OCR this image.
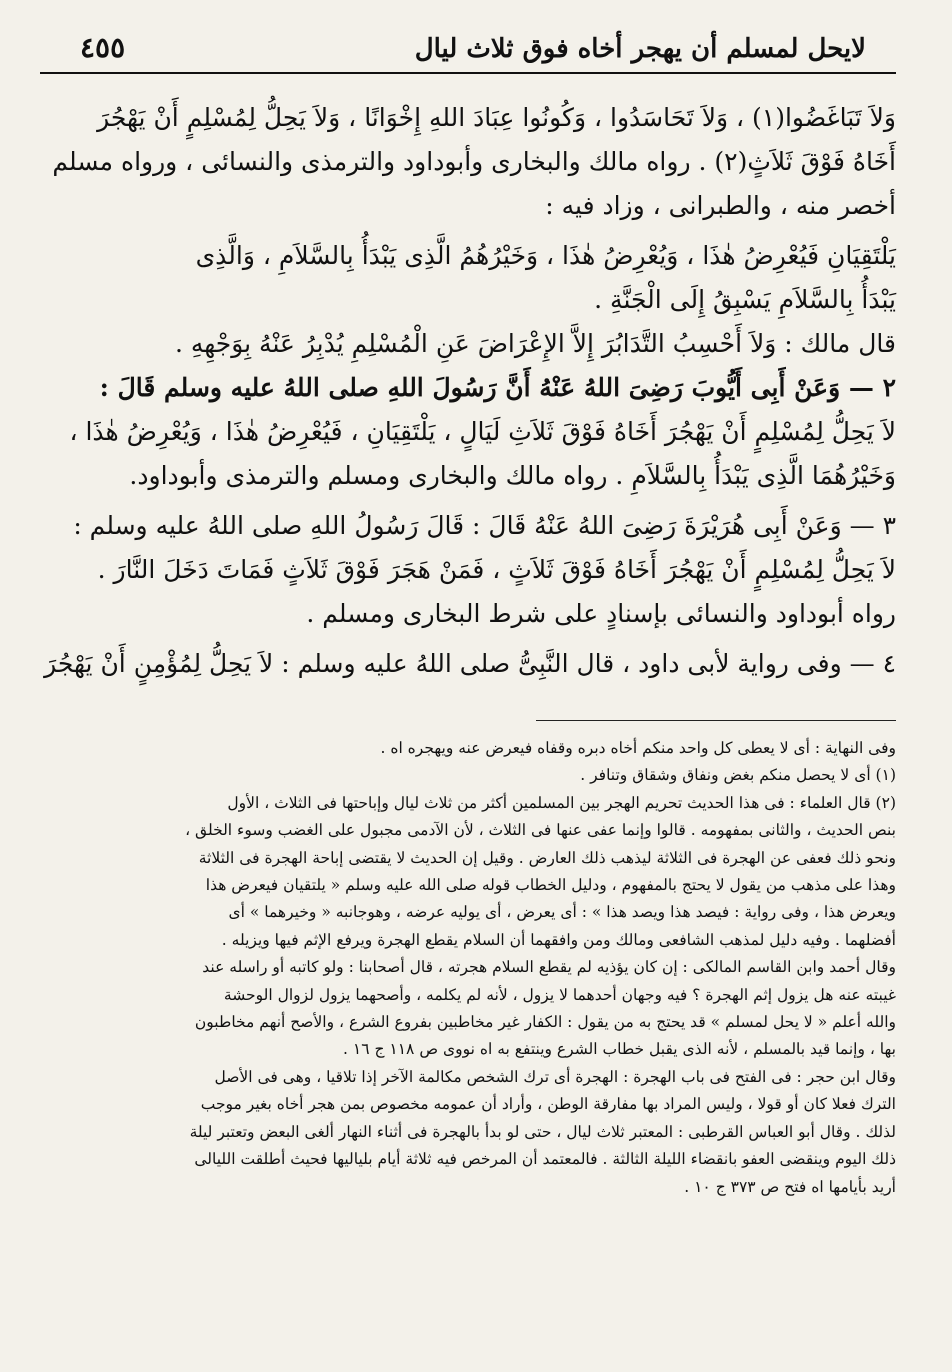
لايحل لمسلم أن يهجر أخاه فوق ثلاث ليال
٤٥٥

وَلاَ تَبَاغَضُوا(١) ، وَلاَ تَحَاسَدُوا ، وَكُونُوا عِبَادَ اللهِ إِخْوَانًا ، وَلاَ يَحِلُّ لِمُسْلِمٍ أَنْ يَهْجُرَ

أَخَاهُ فَوْقَ ثَلاَثٍ(٢) . رواه مالك والبخارى وأبوداود والترمذى والنسائى ، ورواه مسلم

أخصر منه ، والطبرانى ، وزاد فيه :

يَلْتَقِيَانِ فَيُعْرِضُ هٰذَا ، وَيُعْرِضُ هٰذَا ، وَخَيْرُهُمُ الَّذِى يَبْدَأُ بِالسَّلاَمِ ، وَالَّذِى

يَبْدَأُ بِالسَّلاَمِ يَسْبِقُ إِلَى الْجَنَّةِ .

قال مالك : وَلاَ أَحْسِبُ التَّدَابُرَ إِلاَّ الإِعْرَاضَ عَنِ الْمُسْلِمِ يُدْبِرُ عَنْهُ بِوَجْهِهِ .

٢ — وَعَنْ أَبِى أَيُّوبَ رَضِىَ اللهُ عَنْهُ أَنَّ رَسُولَ اللهِ صلى اللهُ عليه وسلم قَالَ :

لاَ يَحِلُّ لِمُسْلِمٍ أَنْ يَهْجُرَ أَخَاهُ فَوْقَ ثَلاَثِ لَيَالٍ ، يَلْتَقِيَانِ ، فَيُعْرِضُ هٰذَا ، وَيُعْرِضُ هٰذَا ،

وَخَيْرُهُمَا الَّذِى يَبْدَأُ بِالسَّلاَمِ . رواه مالك والبخارى ومسلم والترمذى وأبوداود.

٣ — وَعَنْ أَبِى هُرَيْرَةَ رَضِىَ اللهُ عَنْهُ قَالَ : قَالَ رَسُولُ اللهِ صلى اللهُ عليه وسلم :

لاَ يَحِلُّ لِمُسْلِمٍ أَنْ يَهْجُرَ أَخَاهُ فَوْقَ ثَلاَثٍ ، فَمَنْ هَجَرَ فَوْقَ ثَلاَثٍ فَمَاتَ دَخَلَ النَّارَ .

رواه أبوداود والنسائى بإسنادٍ على شرط البخارى ومسلم .

٤ — وفى رواية لأبى داود ، قال النَّبِىُّ صلى اللهُ عليه وسلم : لاَ يَحِلُّ لِمُؤْمِنٍ أَنْ يَهْجُرَ

وفى النهاية : أى لا يعطى كل واحد منكم أخاه دبره وقفاه فيعرض عنه ويهجره اه .

(١) أى لا يحصل منكم بغض ونفاق وشقاق وتنافر .

(٢) قال العلماء : فى هذا الحديث تحريم الهجر بين المسلمين أكثر من ثلاث ليال وإباحتها فى الثلاث ، الأول

بنص الحديث ، والثانى بمفهومه . قالوا وإنما عفى عنها فى الثلاث ، لأن الآدمى مجبول على الغضب وسوء الخلق ،

ونحو ذلك فعفى عن الهجرة فى الثلاثة ليذهب ذلك العارض . وقيل إن الحديث لا يقتضى إباحة الهجرة فى الثلاثة

وهذا على مذهب من يقول لا يحتج بالمفهوم ، ودليل الخطاب قوله صلى الله عليه وسلم « يلتقيان فيعرض هذا

ويعرض هذا ، وفى رواية : فيصد هذا ويصد هذا » : أى يعرض ، أى يوليه عرضه ، وهوجانبه « وخيرهما » أى

أفضلهما . وفيه دليل لمذهب الشافعى ومالك ومن وافقهما أن السلام يقطع الهجرة ويرفع الإثم فيها ويزيله .

وقال أحمد وابن القاسم المالكى : إن كان يؤذيه لم يقطع السلام هجرته ، قال أصحابنا : ولو كاتبه أو راسله عند

غيبته عنه هل يزول إثم الهجرة ؟ فيه وجهان أحدهما لا يزول ، لأنه لم يكلمه ، وأصحهما يزول لزوال الوحشة

والله أعلم « لا يحل لمسلم » قد يحتج به من يقول : الكفار غير مخاطبين بفروع الشرع ، والأصح أنهم مخاطبون

بها ، وإنما قيد بالمسلم ، لأنه الذى يقبل خطاب الشرع وينتفع به اه نووى ص ١١٨ ج ١٦ .

وقال ابن حجر : فى الفتح فى باب الهجرة : الهجرة أى ترك الشخص مكالمة الآخر إذا تلاقيا ، وهى فى الأصل

الترك فعلا كان أو قولا ، وليس المراد بها مفارقة الوطن ، وأراد أن عمومه مخصوص بمن هجر أخاه بغير موجب

لذلك . وقال أبو العباس القرطبى : المعتبر ثلاث ليال ، حتى لو بدأ بالهجرة فى أثناء النهار ألغى البعض وتعتبر ليلة

ذلك اليوم وينقضى العفو بانقضاء الليلة الثالثة . فالمعتمد أن المرخص فيه ثلاثة أيام بلياليها فحيث أطلقت الليالى

أريد بأيامها اه فتح ص ٣٧٣ ج ١٠ .
